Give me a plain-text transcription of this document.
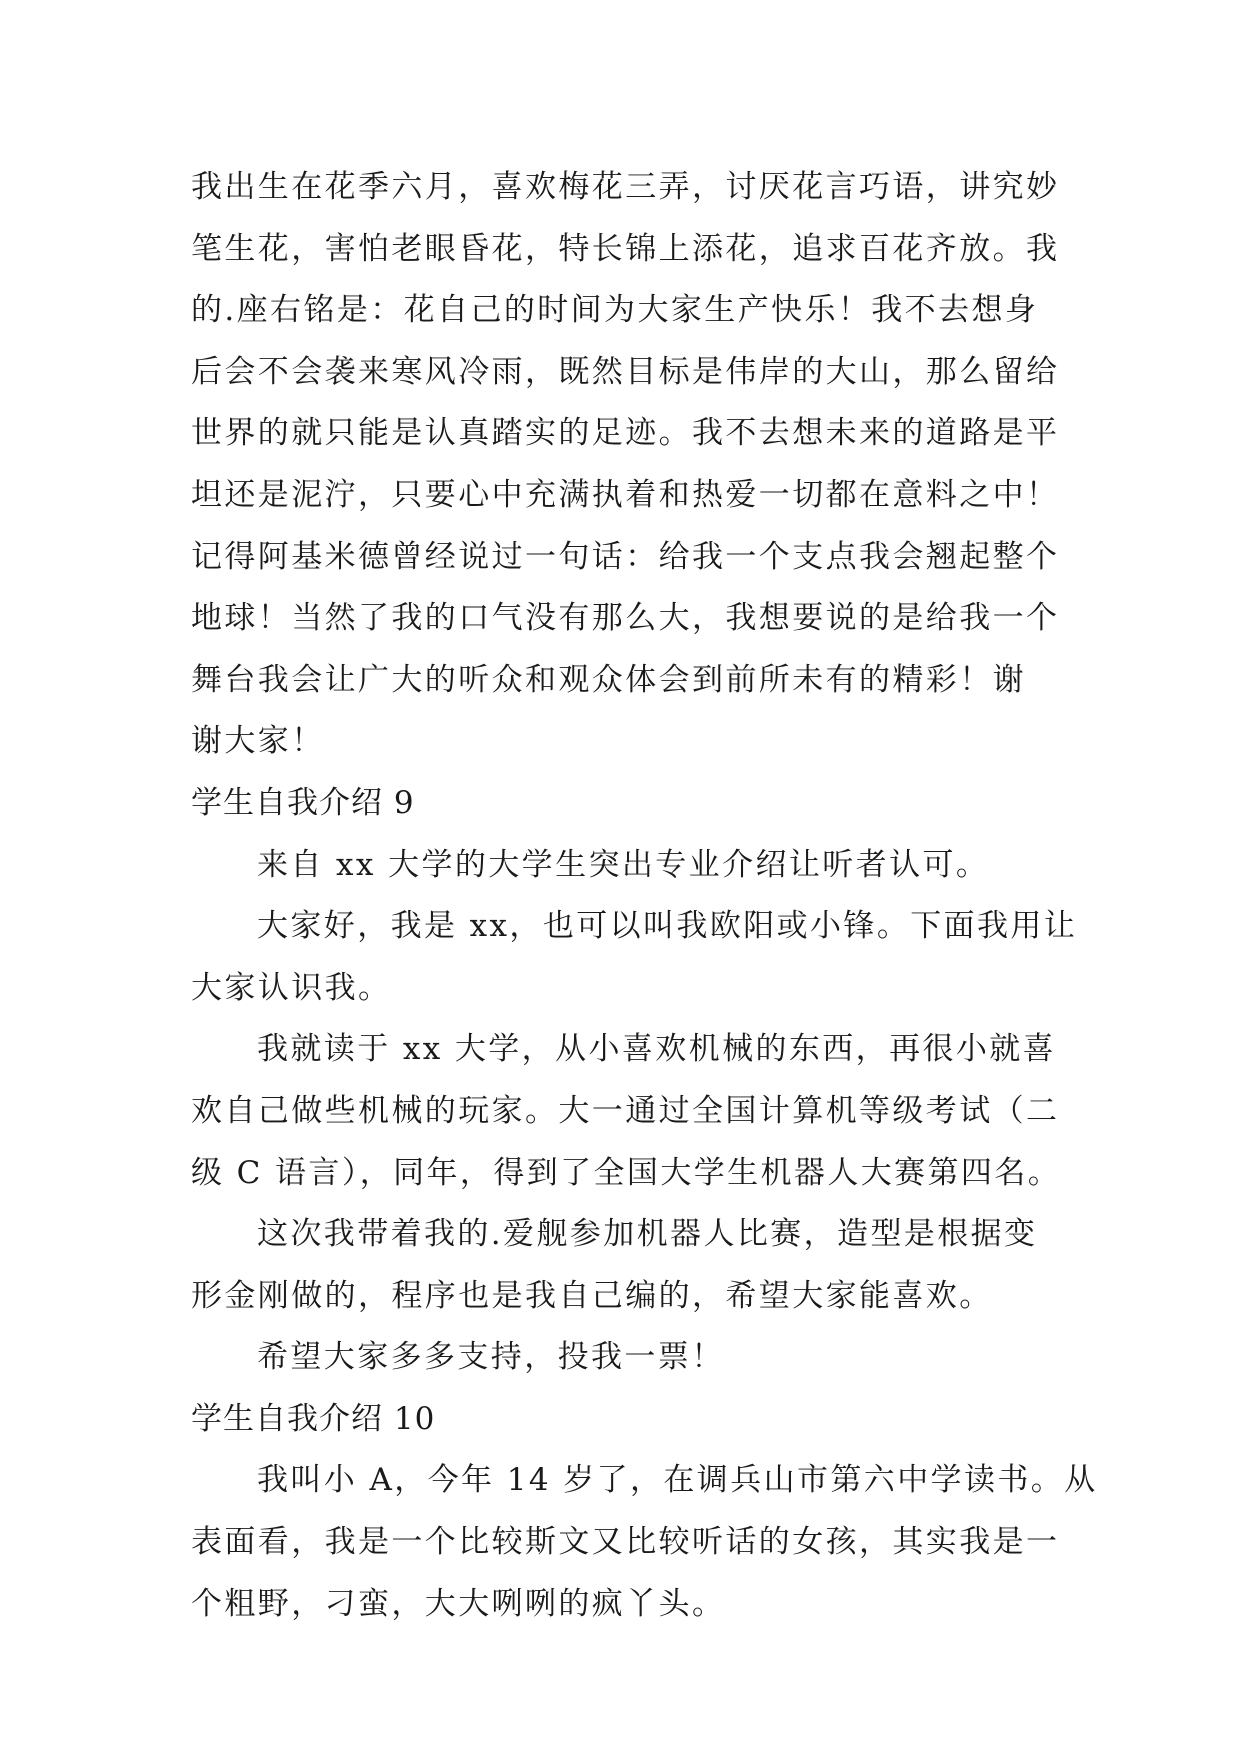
我出生在花季六月，喜欢梅花三弄，讨厌花言巧语，讲究妙
笔生花，害怕老眼昏花，特长锦上添花，追求百花齐放。我
的.座右铭是：花自己的时间为大家生产快乐！我不去想身
后会不会袭来寒风冷雨，既然目标是伟岸的大山，那么留给
世界的就只能是认真踏实的足迹。我不去想未来的道路是平
坦还是泥泞，只要心中充满执着和热爱一切都在意料之中！
记得阿基米德曾经说过一句话：给我一个支点我会翘起整个
地球！当然了我的口气没有那么大，我想要说的是给我一个
舞台我会让广大的听众和观众体会到前所未有的精彩！谢
谢大家！
学生自我介绍 9
来自 xx 大学的大学生突出专业介绍让听者认可。
大家好，我是 xx，也可以叫我欧阳或小锋。下面我用让
大家认识我。
我就读于 xx 大学，从小喜欢机械的东西，再很小就喜
欢自己做些机械的玩家。大一通过全国计算机等级考试（二
级 C 语言），同年，得到了全国大学生机器人大赛第四名。
这次我带着我的.爱舰参加机器人比赛，造型是根据变
形金刚做的，程序也是我自己编的，希望大家能喜欢。
希望大家多多支持，投我一票！
学生自我介绍 10
我叫小 A，今年 14 岁了，在调兵山市第六中学读书。从
表面看，我是一个比较斯文又比较听话的女孩，其实我是一
个粗野，刁蛮，大大咧咧的疯丫头。
